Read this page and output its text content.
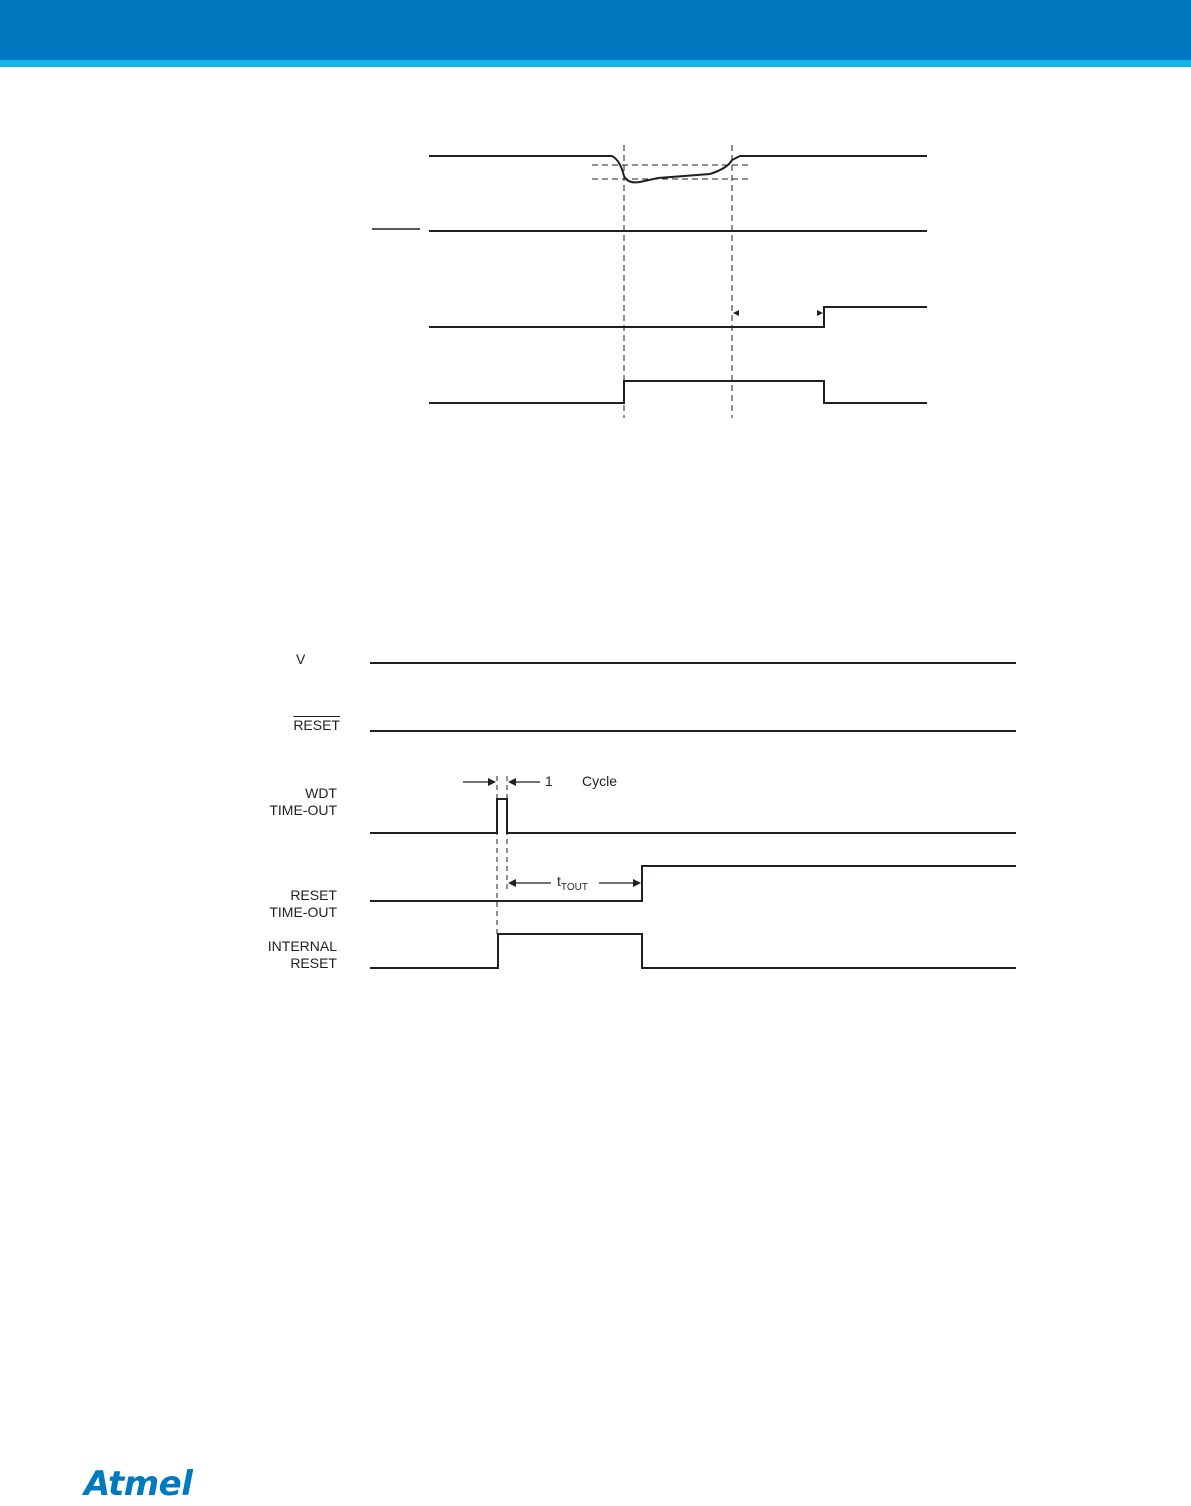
V
RESET
WDT
TIME-OUT
RESET
TIME-OUT
INTERNAL
RESET
1 Cycle
$t_{TOUT}$
Atmel
